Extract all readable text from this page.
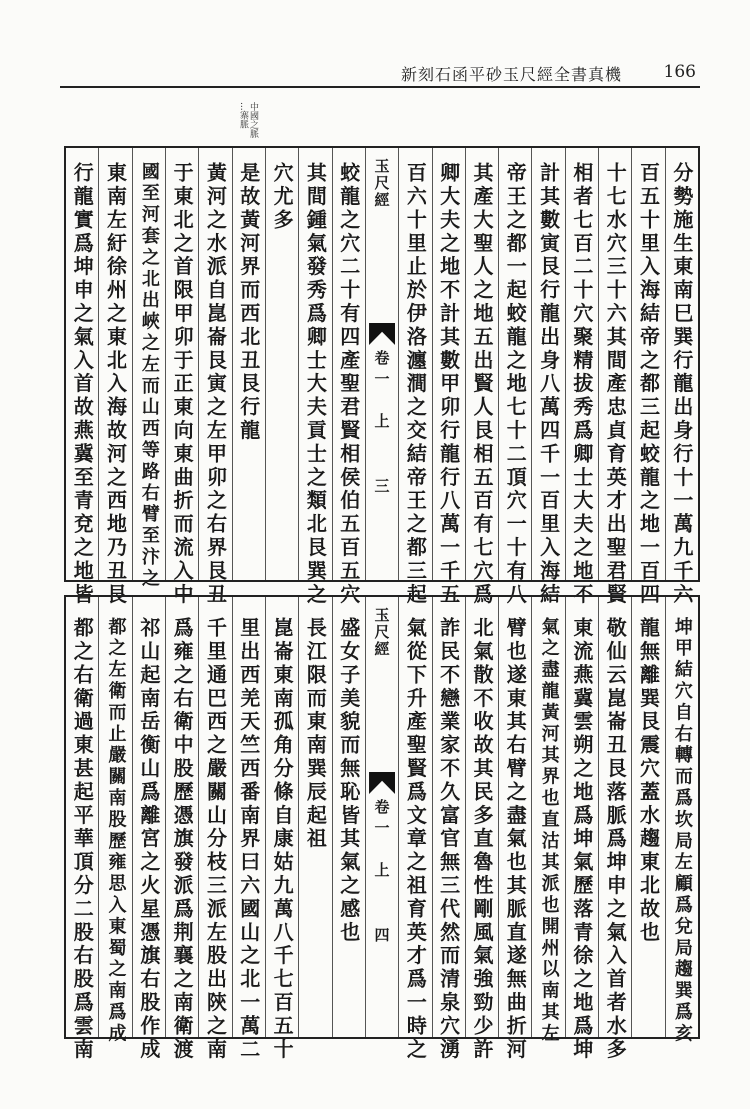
新刻石函平砂玉尺經全書真機 166
中國之脈 ...寨脈
分勢施生東南巳巽行龍出身行十一萬九千六
百五十里入海結帝之都三起蛟龍之地一百四
十七水穴三十六其間產忠貞育英才出聖君賢
相者七百二十穴聚精拔秀爲卿士大夫之地不
計其數寅艮行龍出身八萬四千一百里入海結
帝王之都一起蛟龍之地七十二頂穴一十有八
其產大聖人之地五出賢人艮相五百有七穴爲
卿大夫之地不計其數甲卯行龍行八萬一千五
百六十里止於伊洛瀍澗之交結帝王之都三起
玉尺經
卷一　上
三
蛟龍之穴二十有四產聖君賢相侯伯五百五穴
其間鍾氣發秀爲卿士大夫貢士之類北艮巽之
穴尤多
是故黃河界而西北丑艮行龍
黃河之水派自崑崙艮寅之左甲卯之右界艮丑
于東北之首限甲卯于正東向東曲折而流入中
國至河套之北出峽之左而山西等路右臂至汴之
東南左紆徐州之東北入海故河之西地乃丑艮
行龍實爲坤申之氣入首故燕冀至青兗之地皆
坤甲結穴自右轉而爲坎局左顧爲兌局趨巽爲亥
龍無離巽艮震穴蓋水趨東北故也
敬仙云崑崙丑艮落脈爲坤申之氣入首者水多
東流燕冀雲朔之地爲坤氣歷落青徐之地爲坤
氣之盡龍黃河其界也直沽其派也開州以南其左
臂也遂東其右臂之盡氣也其脈直遂無曲折河
北氣散不收故其民多直魯性剛風氣強勁少許
詐民不戀業家不久富官無三代然而清泉穴湧
氣從下升產聖賢爲文章之祖育英才爲一時之
玉尺經
卷一　上
四
盛女子美貌而無恥皆其氣之感也
長江限而東南巽辰起祖
崑崙東南孤角分條自康姑九萬八千七百五十
里出西羌天竺西番南界曰六國山之北一萬二
千里通巴西之嚴關山分枝三派左股出陝之南
爲雍之右衛中股歷憑旗發派爲荆襄之南衛渡
祁山起南岳衡山爲離宮之火星憑旗右股作成
都之左衛而止嚴關南股歷雍思入東蜀之南爲成
都之右衛過東甚起平華頂分二股右股爲雲南
